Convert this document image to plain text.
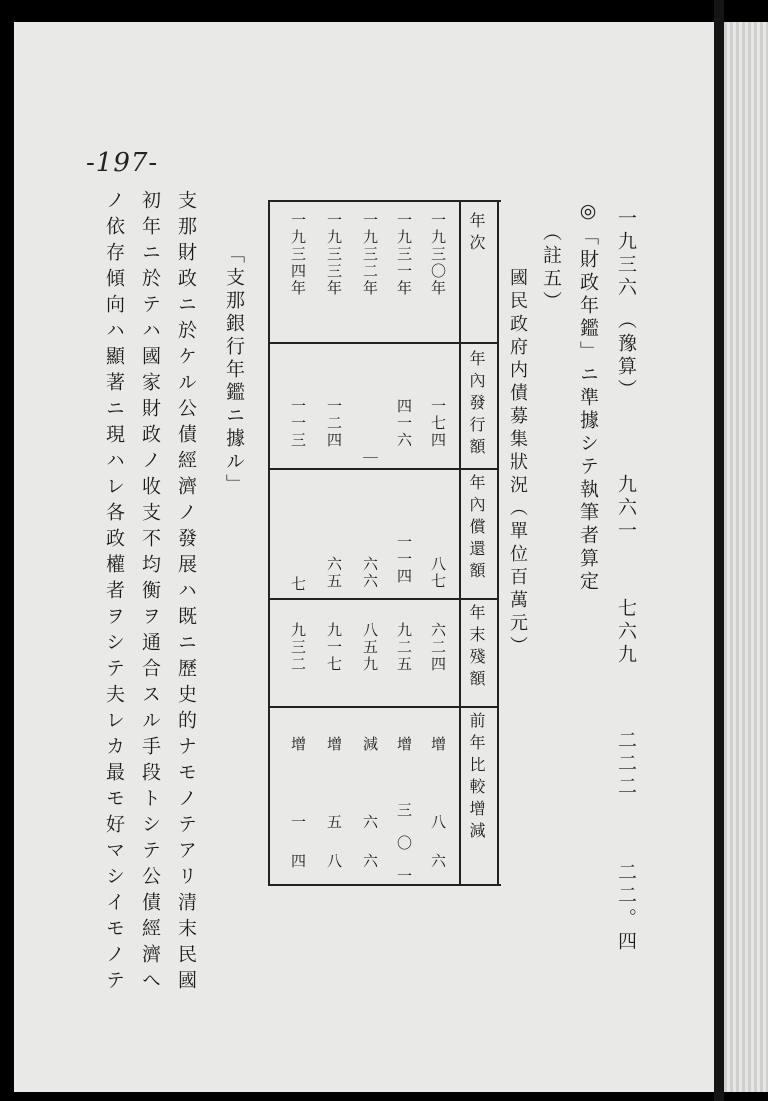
-197-
一九三六
（豫算）
九六一
七六九
二二二
二二。四
◎「財政年鑑」ニ準據シテ執筆者算定
（註五）
國民政府内債募集狀況（單位百萬元）
年次
年內發行額
年內償還額
年末殘額
前年比較增減
一九三〇年
一七四
八七
六二四
增　八六
一九三一年
四一六
一一四
九二五
增　三〇一
一九三二年
｜
六六
八五九
減　六六
一九三三年
一二四
六五
九一七
增　五八
一九三四年
一一三
七
九三二
增　一四
「支那銀行年鑑ニ據ル」
支那財政ニ於ケル公債經濟ノ發展ハ既ニ歷史的ナモノテアリ清末民國
初年ニ於テハ國家財政ノ收支不均衡ヲ通合スル手段トシテ公債經濟へ
ノ依存傾向ハ顯著ニ現ハレ各政權者ヲシテ夫レカ最モ好マシイモノテ
